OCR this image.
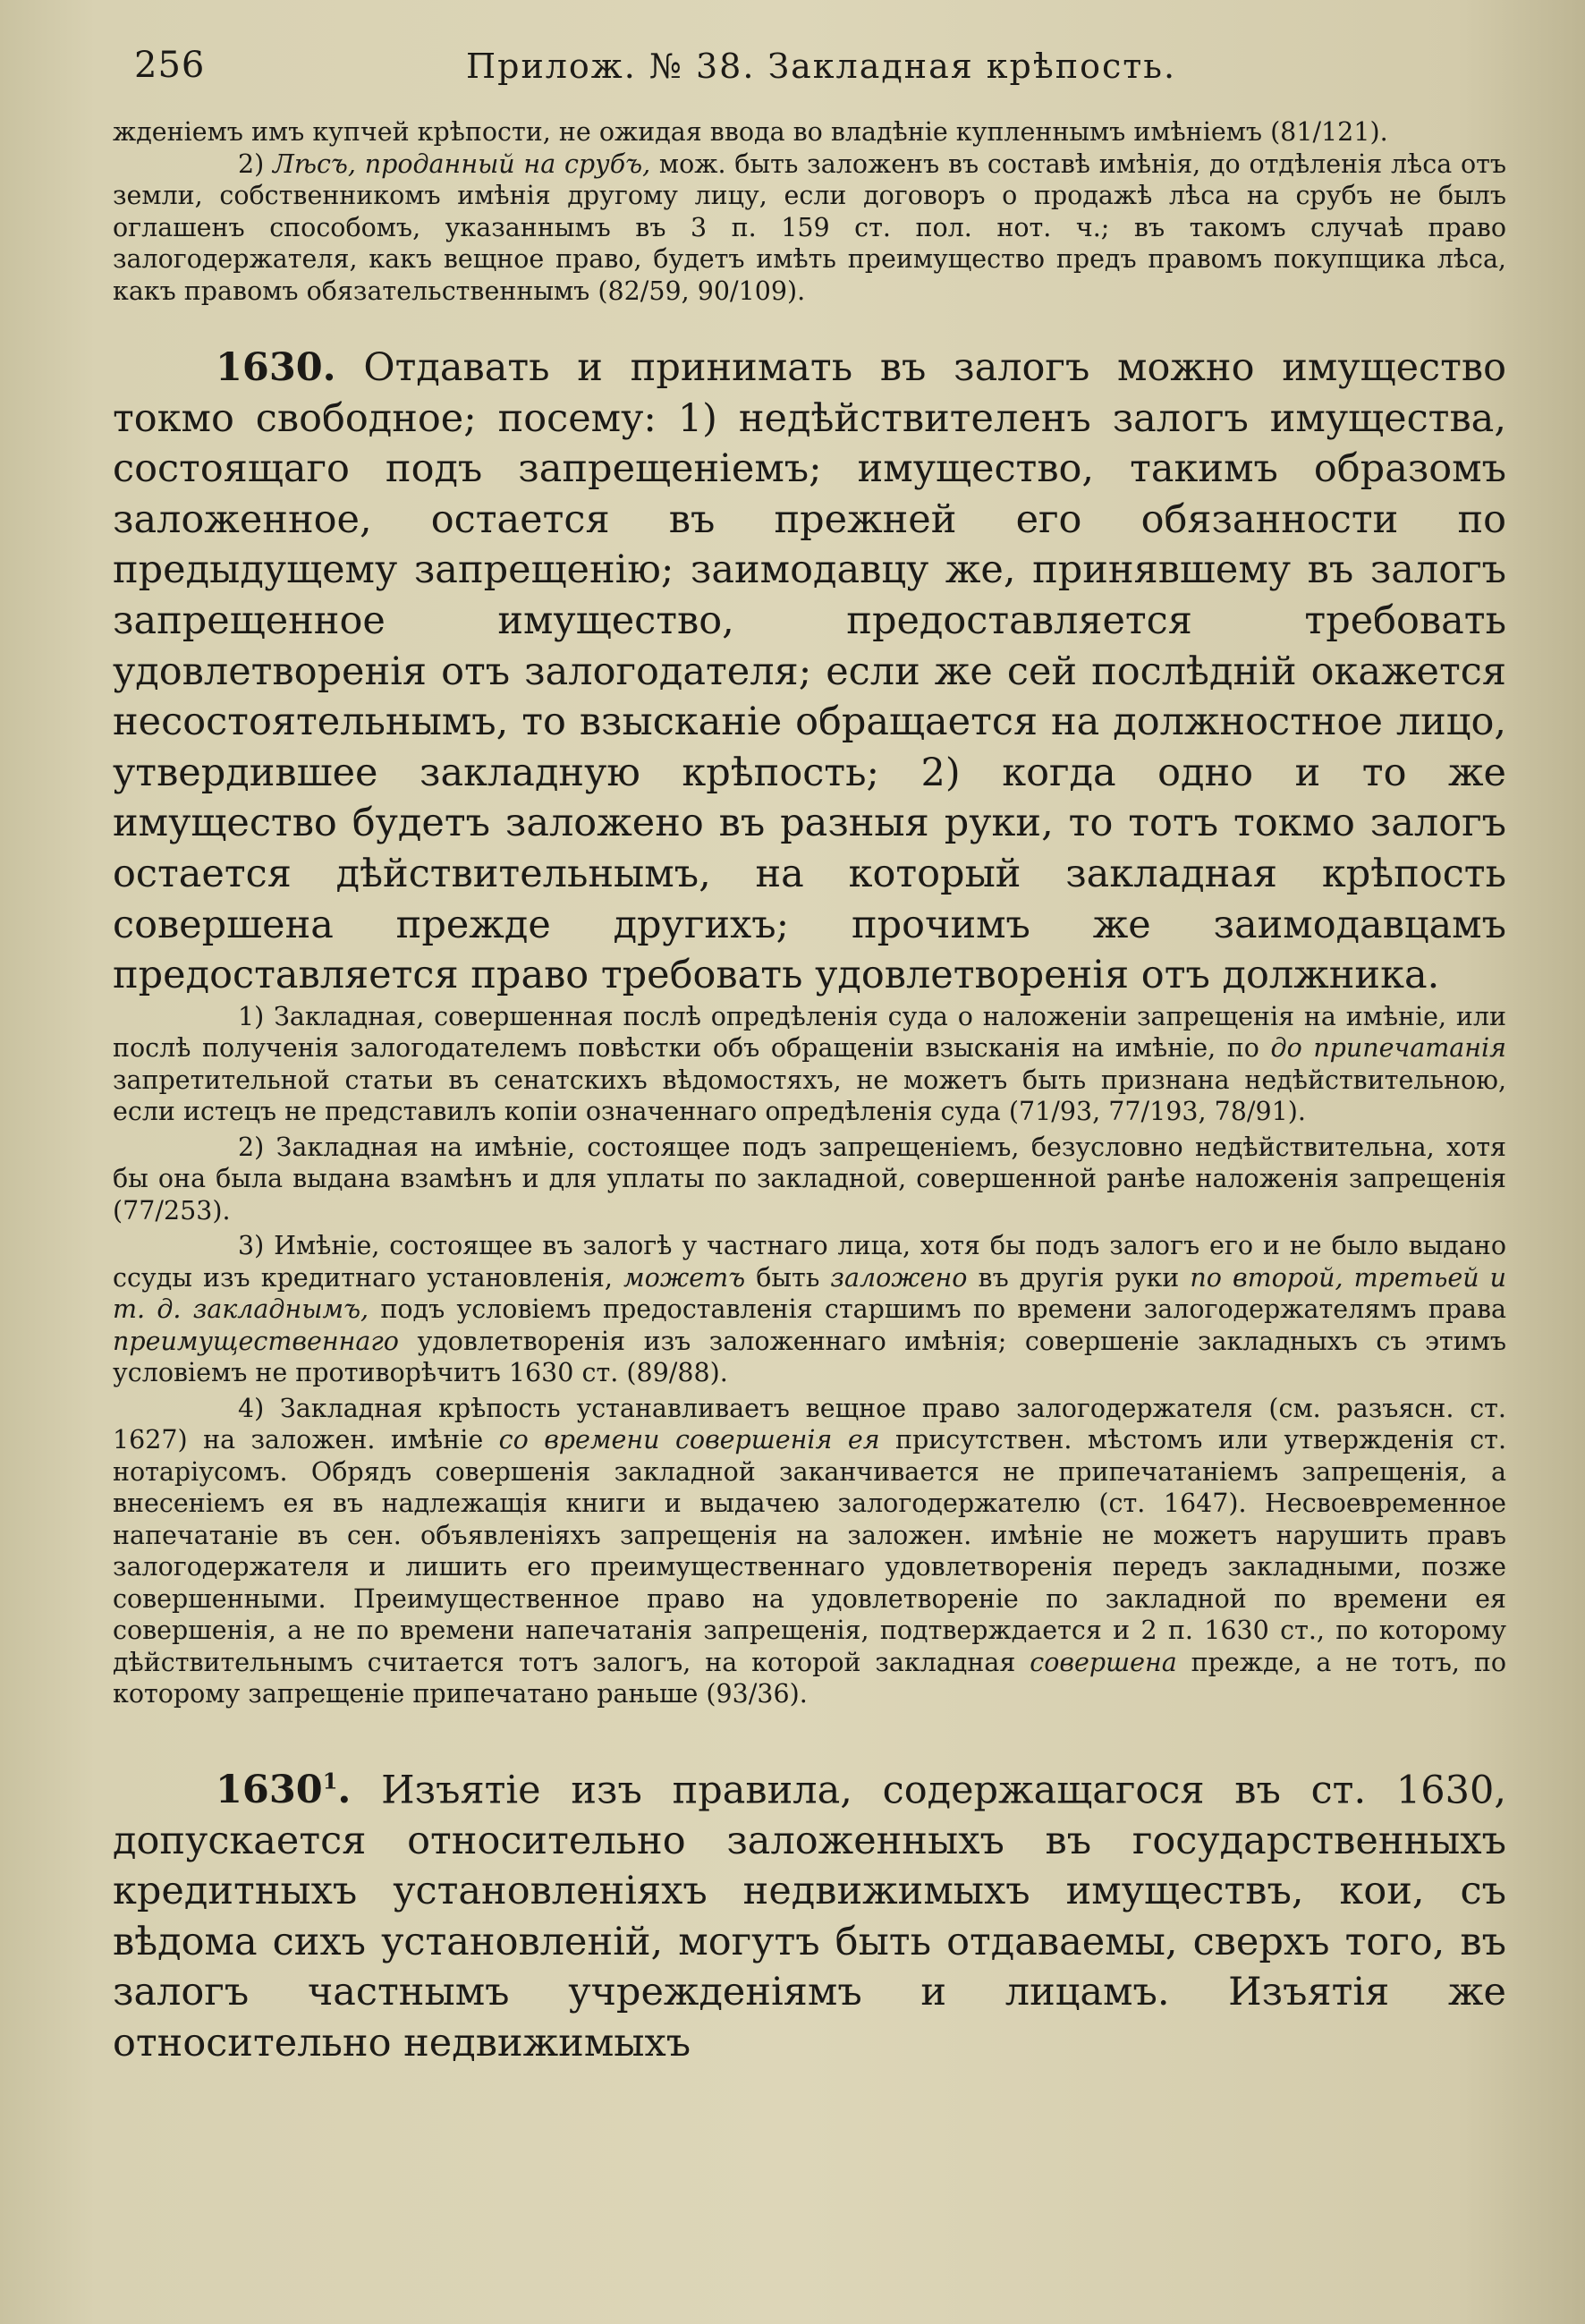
256	Прилож. № 38. Закладная крѣпость.

жденіемъ имъ купчей крѣпости, не ожидая ввода во владѣніе купленнымъ имѣніемъ (81/121).

2) Лѣсъ, проданный на срубъ, мож. быть заложенъ въ составѣ имѣнія, до отдѣленія лѣса отъ земли, собственникомъ имѣнія другому лицу, если договоръ о продажѣ лѣса на срубъ не былъ оглашенъ способомъ, указаннымъ въ 3 п. 159 ст. пол. нот. ч.; въ такомъ случаѣ право залогодержателя, какъ вещное право, будетъ имѣть преимущество предъ правомъ покупщика лѣса, какъ правомъ обязательственнымъ (82/59, 90/109).

1630. Отдавать и принимать въ залогъ можно имущество токмо свободное; посему: 1) недѣйствителенъ залогъ имущества, состоящаго подъ запрещеніемъ; имущество, такимъ образомъ заложенное, остается въ прежней его обязанности по предыдущему запрещенію; заимодавцу же, принявшему въ залогъ запрещенное имущество, предоставляется требовать удовлетворенія отъ залогодателя; если же сей послѣдній окажется несостоятельнымъ, то взысканіе обращается на должностное лицо, утвердившее закладную крѣпость; 2) когда одно и то же имущество будетъ заложено въ разныя руки, то тотъ токмо залогъ остается дѣйствительнымъ, на который закладная крѣпость совершена прежде другихъ; прочимъ же заимодавцамъ предоставляется право требовать удовлетворенія отъ должника.

1) Закладная, совершенная послѣ опредѣленія суда о наложеніи запрещенія на имѣніе, или послѣ полученія залогодателемъ повѣстки объ обращеніи взысканія на имѣніе, по до припечатанія запретительной статьи въ сенатскихъ вѣдомостяхъ, не можетъ быть признана недѣйствительною, если истецъ не представилъ копіи означеннаго опредѣленія суда (71/93, 77/193, 78/91).

2) Закладная на имѣніе, состоящее подъ запрещеніемъ, безусловно недѣйствительна, хотя бы она была выдана взамѣнъ и для уплаты по закладной, совершенной ранѣе наложенія запрещенія (77/253).

3) Имѣніе, состоящее въ залогѣ у частнаго лица, хотя бы подъ залогъ его и не было выдано ссуды изъ кредитнаго установленія, можетъ быть заложено въ другія руки по второй, третьей и т. д. закладнымъ, подъ условіемъ предоставленія старшимъ по времени залогодержателямъ права преимущественнаго удовлетворенія изъ заложеннаго имѣнія; совершеніе закладныхъ съ этимъ условіемъ не противорѣчитъ 1630 ст. (89/88).

4) Закладная крѣпость устанавливаетъ вещное право залогодержателя (см. разъясн. ст. 1627) на заложен. имѣніе со времени совершенія ея присутствен. мѣстомъ или утвержденія ст. нотаріусомъ. Обрядъ совершенія закладной заканчивается не припечатаніемъ запрещенія, а внесеніемъ ея въ надлежащія книги и выдачею залогодержателю (ст. 1647). Несвоевременное напечатаніе въ сен. объявленіяхъ запрещенія на заложен. имѣніе не можетъ нарушить правъ залогодержателя и лишить его преимущественнаго удовлетворенія передъ закладными, позже совершенными. Преимущественное право на удовлетвореніе по закладной по времени ея совершенія, а не по времени напечатанія запрещенія, подтверждается и 2 п. 1630 ст., по которому дѣйствительнымъ считается тотъ залогъ, на которой закладная совершена прежде, а не тотъ, по которому запрещеніе припечатано раньше (93/36).

1630$^1$. Изъятіе изъ правила, содержащагося въ ст. 1630, допускается относительно заложенныхъ въ государственныхъ кредитныхъ установленіяхъ недвижимыхъ имуществъ, кои, съ вѣдома сихъ установленій, могутъ быть отдаваемы, сверхъ того, въ залогъ частнымъ учрежденіямъ и лицамъ. Изъятія же относительно недвижимыхъ
